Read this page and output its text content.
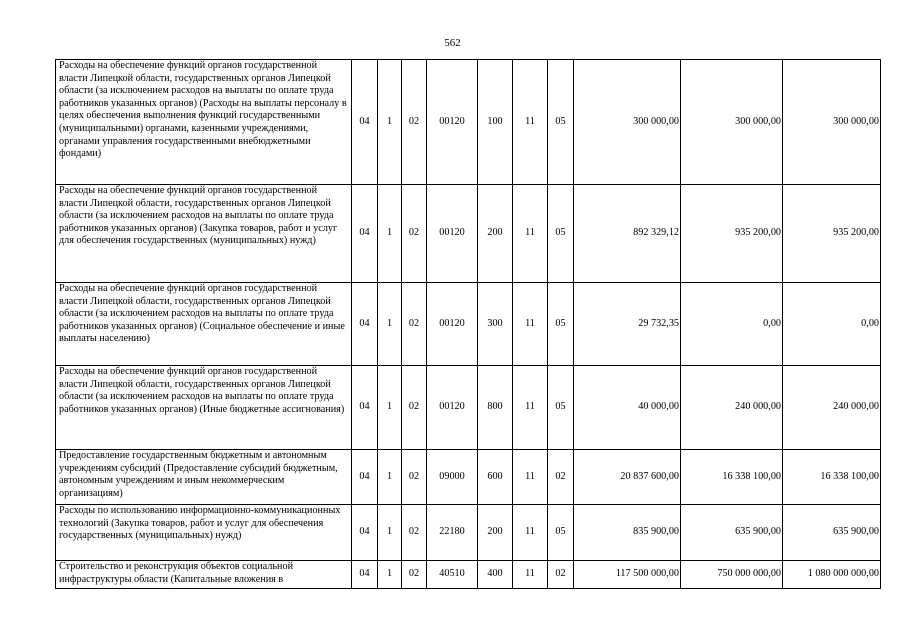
562
Расходы на обеспечение функций органов государственной власти Липецкой области, государственных органов Липецкой области (за исключением расходов на выплаты по оплате труда работников указанных органов) (Расходы на выплаты персоналу в целях обеспечения выполнения функций государственными (муниципальными) органами, казенными учреждениями, органами управления государственными внебюджетными фондами)	04	1	02	00120	100	11	05	300 000,00	300 000,00	300 000,00

Расходы на обеспечение функций органов государственной власти Липецкой области, государственных органов Липецкой области (за исключением расходов на выплаты по оплате труда работников указанных органов) (Закупка товаров, работ и услуг для обеспечения государственных (муниципальных) нужд)	04	1	02	00120	200	11	05	892 329,12	935 200,00	935 200,00

Расходы на обеспечение функций органов государственной власти Липецкой области, государственных органов Липецкой области (за исключением расходов на выплаты по оплате труда работников указанных органов) (Социальное обеспечение и иные выплаты населению)	04	1	02	00120	300	11	05	29 732,35	0,00	0,00

Расходы на обеспечение функций органов государственной власти Липецкой области, государственных органов Липецкой области (за исключением расходов на выплаты по оплате труда работников указанных органов) (Иные бюджетные ассигнования)	04	1	02	00120	800	11	05	40 000,00	240 000,00	240 000,00

Предоставление государственным бюджетным и автономным учреждениям субсидий (Предоставление субсидий бюджетным, автономным учреждениям и иным некоммерческим организациям)	04	1	02	09000	600	11	02	20 837 600,00	16 338 100,00	16 338 100,00

Расходы по использованию информационно-коммуникационных технологий (Закупка товаров, работ и услуг для обеспечения государственных (муниципальных) нужд)	04	1	02	22180	200	11	05	835 900,00	635 900,00	635 900,00

Строительство и реконструкция объектов социальной инфраструктуры области (Капитальные вложения в	04	1	02	40510	400	11	02	117 500 000,00	750 000 000,00	1 080 000 000,00
